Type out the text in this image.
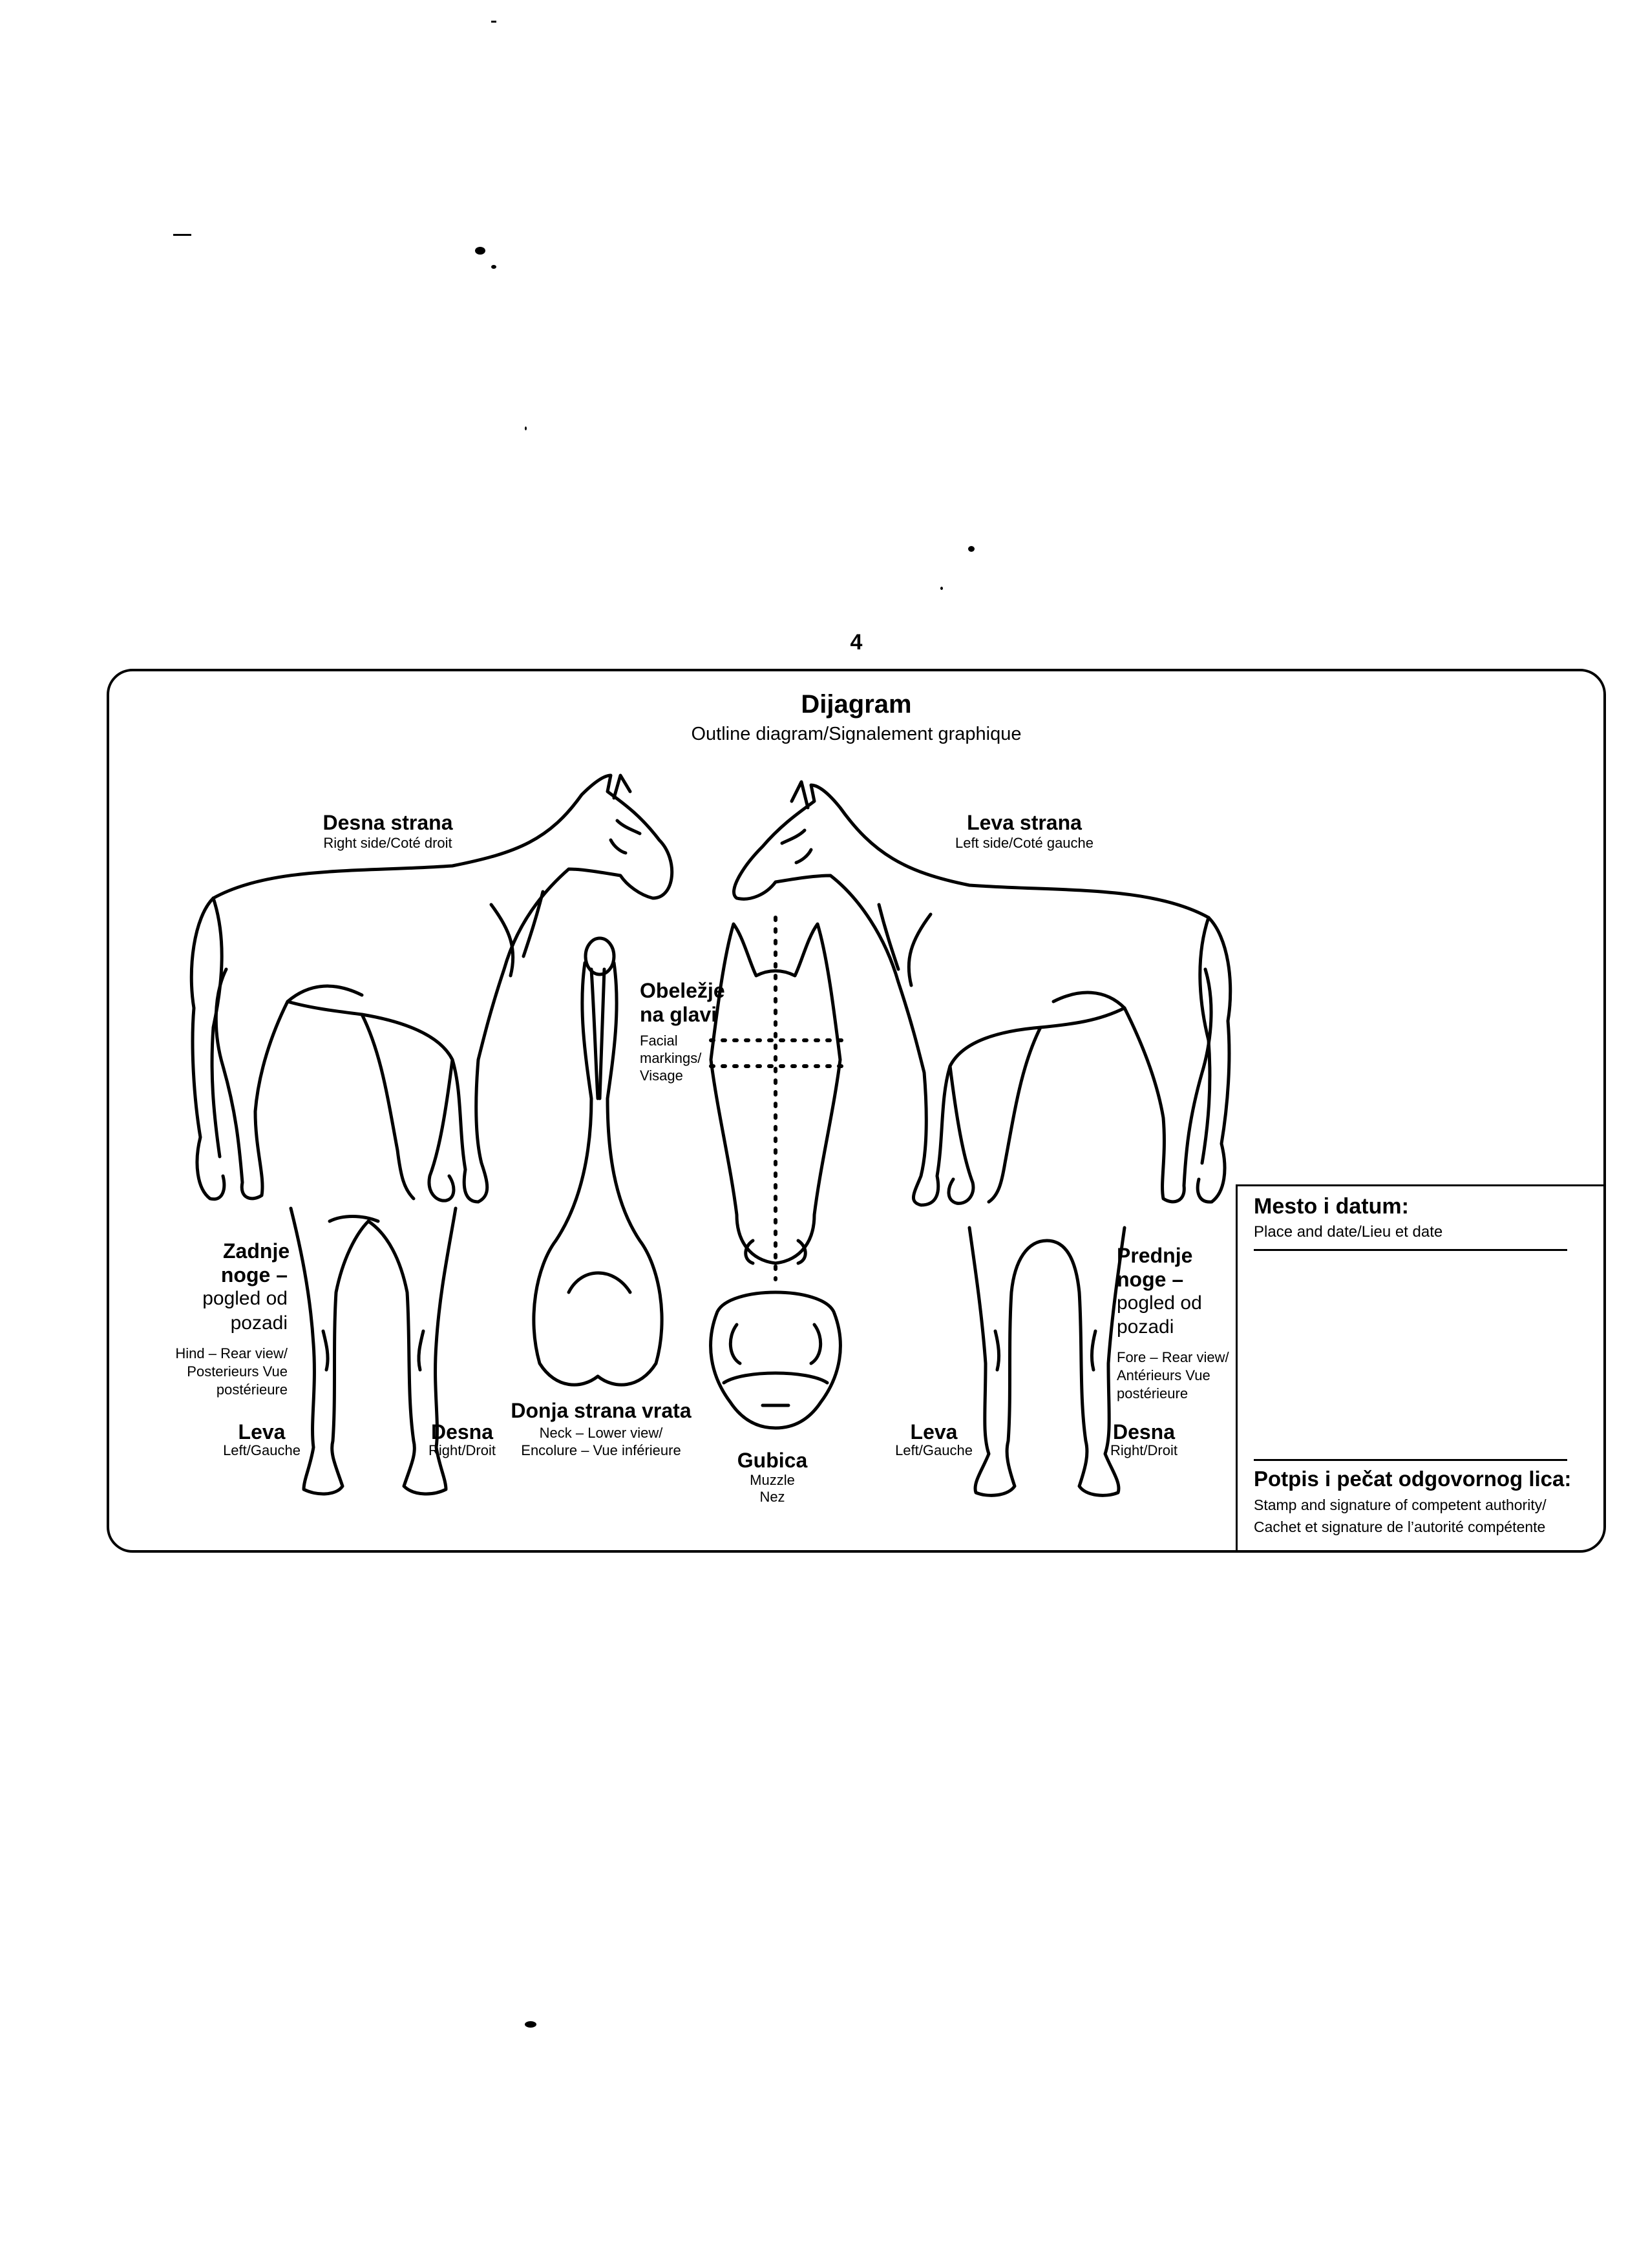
4
Dijagram
Outline diagram/Signalement graphique
Desna strana
Right side/Coté droit
Leva strana
Left side/Coté gauche
Obeležje
na glavi
Facial
markings/
Visage
Zadnje
noge –
pogled od
pozadi
Hind – Rear view/
Posterieurs Vue
postérieure
Leva
Left/Gauche
Desna
Right/Droit
Donja strana vrata
Neck – Lower view/
Encolure – Vue inférieure	Gubica
Muzzle
Nez
Prednje
noge –
pogled od
pozadi
Fore – Rear view/
Antérieurs Vue
postérieure
Leva
Left/Gauche
Desna
Right/Droit
Mesto i datum:
Place and date/Lieu et date
Potpis i pečat odgovornog lica:
Stamp and signature of competent authority/
Cachet et signature de l’autorité compétente
